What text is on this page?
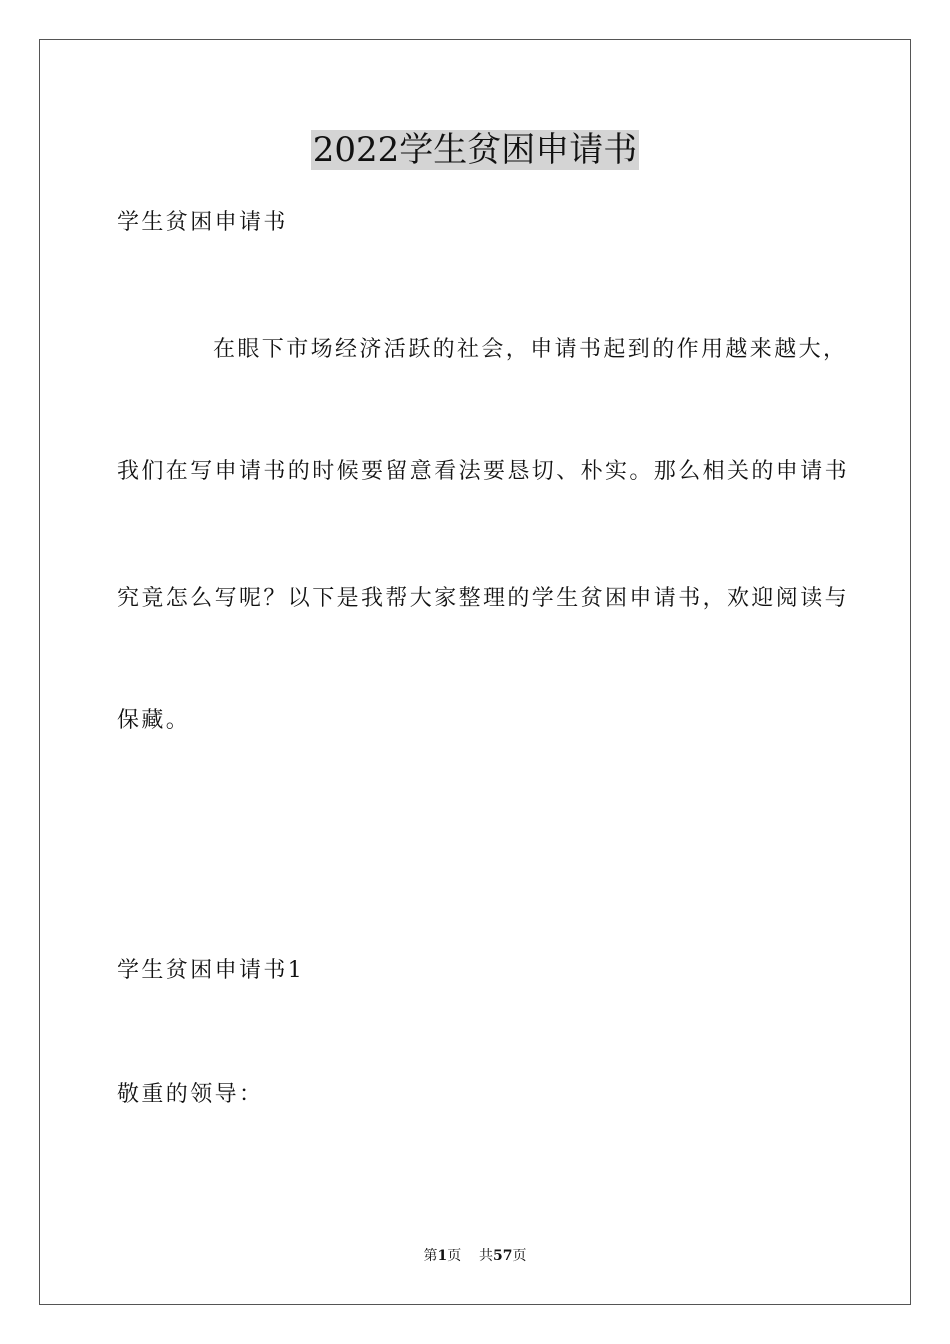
2022学生贫困申请书
学生贫困申请书
在眼下市场经济活跃的社会，申请书起到的作用越来越大，
我们在写申请书的时候要留意看法要恳切、朴实。那么相关的申请书
究竟怎么写呢？以下是我帮大家整理的学生贫困申请书，欢迎阅读与
保藏。
学生贫困申请书1
敬重的领导：
第1页 共57页
